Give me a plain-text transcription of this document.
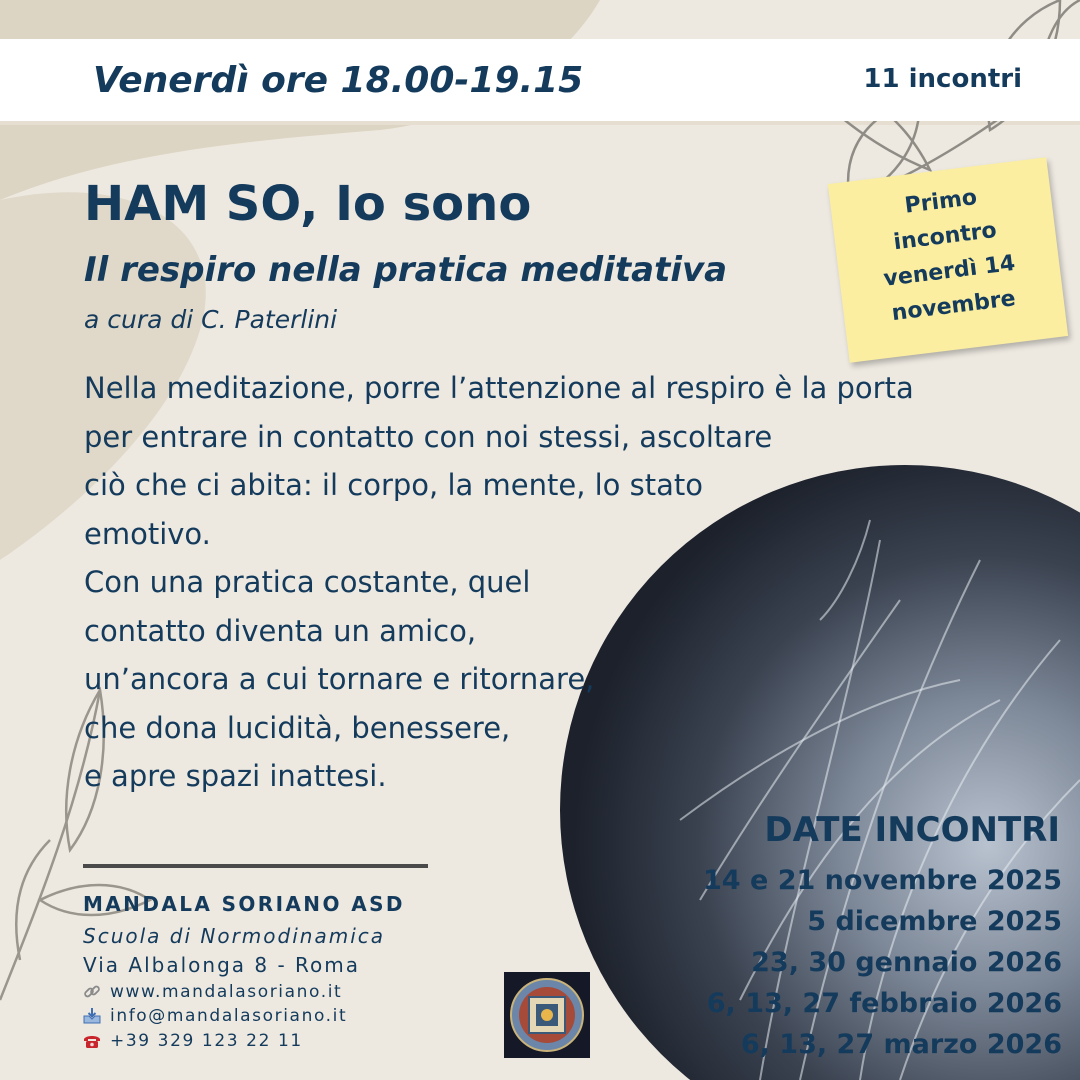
Venerdì ore 18.00-19.15	11 incontri
HAM SO, Io sono
Il respiro nella pratica meditativa
a cura di C. Paterlini
Nella meditazione, porre l’attenzione al respiro è la porta
per entrare in contatto con noi stessi, ascoltare
ciò che ci abita: il corpo, la mente, lo stato
emotivo.
Con una pratica costante, quel
contatto diventa un amico,
un’ancora a cui tornare e ritornare,
che dona lucidità, benessere,
e apre spazi inattesi.
Primo
incontro
venerdì 14
novembre
DATE INCONTRI
14 e 21 novembre 2025
5 dicembre 2025
23, 30 gennaio 2026
6, 13, 27 febbraio 2026
6, 13, 27 marzo 2026
MANDALA SORIANO ASD
Scuola di Normodinamica
Via Albalonga 8 - Roma
www.mandalasoriano.it
info@mandalasoriano.it
+39 329 123 22 11
